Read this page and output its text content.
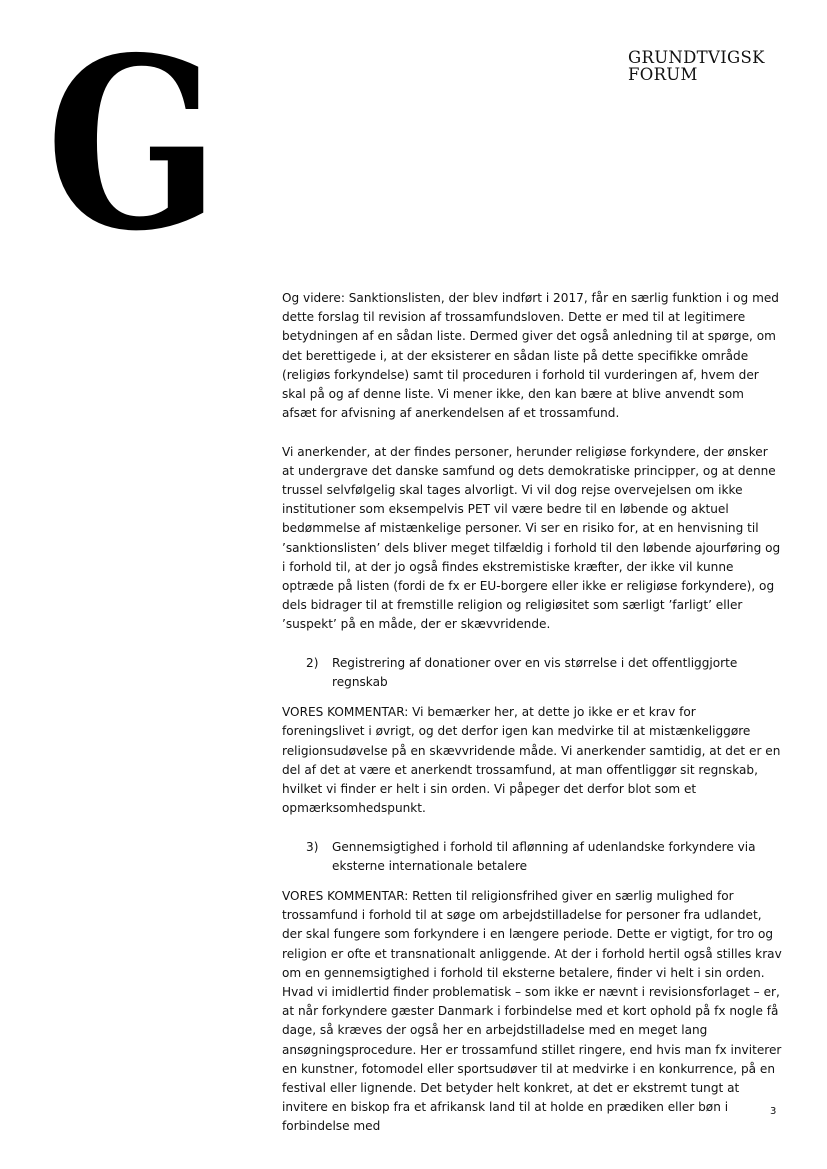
G	GRUNDTVIGSK
FORUM

Og videre: Sanktionslisten, der blev indført i 2017, får en særlig funktion i og med dette forslag til revision af trossamfundsloven. Dette er med til at legitimere betydningen af en sådan liste. Dermed giver det også anledning til at spørge, om det berettigede i, at der eksisterer en sådan liste på dette specifikke område (religiøs forkyndelse) samt til proceduren i forhold til vurderingen af, hvem der skal på og af denne liste. Vi mener ikke, den kan bære at blive anvendt som afsæt for afvisning af anerkendelsen af et trossamfund.

Vi anerkender, at der findes personer, herunder religiøse forkyndere, der ønsker at undergrave det danske samfund og dets demokratiske principper, og at denne trussel selvfølgelig skal tages alvorligt. Vi vil dog rejse overvejelsen om ikke institutioner som eksempelvis PET vil være bedre til en løbende og aktuel bedømmelse af mistænkelige personer. Vi ser en risiko for, at en henvisning til ’sanktionslisten’ dels bliver meget tilfældig i forhold til den løbende ajourføring og i forhold til, at der jo også findes ekstremistiske kræfter, der ikke vil kunne optræde på listen (fordi de fx er EU-borgere eller ikke er religiøse forkyndere), og dels bidrager til at fremstille religion og religiøsitet som særligt ’farligt’ eller ’suspekt’ på en måde, der er skævvridende.

2) Registrering af donationer over en vis størrelse i det offentliggjorte regnskab

VORES KOMMENTAR: Vi bemærker her, at dette jo ikke er et krav for foreningslivet i øvrigt, og det derfor igen kan medvirke til at mistænkeliggøre religionsudøvelse på en skævvridende måde. Vi anerkender samtidig, at det er en del af det at være et anerkendt trossamfund, at man offentliggør sit regnskab, hvilket vi finder er helt i sin orden. Vi påpeger det derfor blot som et opmærksomhedspunkt.

3) Gennemsigtighed i forhold til aflønning af udenlandske forkyndere via eksterne internationale betalere

VORES KOMMENTAR: Retten til religionsfrihed giver en særlig mulighed for trossamfund i forhold til at søge om arbejdstilladelse for personer fra udlandet, der skal fungere som forkyndere i en længere periode. Dette er vigtigt, for tro og religion er ofte et transnationalt anliggende. At der i forhold hertil også stilles krav om en gennemsigtighed i forhold til eksterne betalere, finder vi helt i sin orden. Hvad vi imidlertid finder problematisk – som ikke er nævnt i revisionsforlaget – er, at når forkyndere gæster Danmark i forbindelse med et kort ophold på fx nogle få dage, så kræves der også her en arbejdstilladelse med en meget lang ansøgningsprocedure. Her er trossamfund stillet ringere, end hvis man fx inviterer en kunstner, fotomodel eller sportsudøver til at medvirke i en konkurrence, på en festival eller lignende. Det betyder helt konkret, at det er ekstremt tungt at invitere en biskop fra et afrikansk land til at holde en prædiken eller bøn i forbindelse med

3
